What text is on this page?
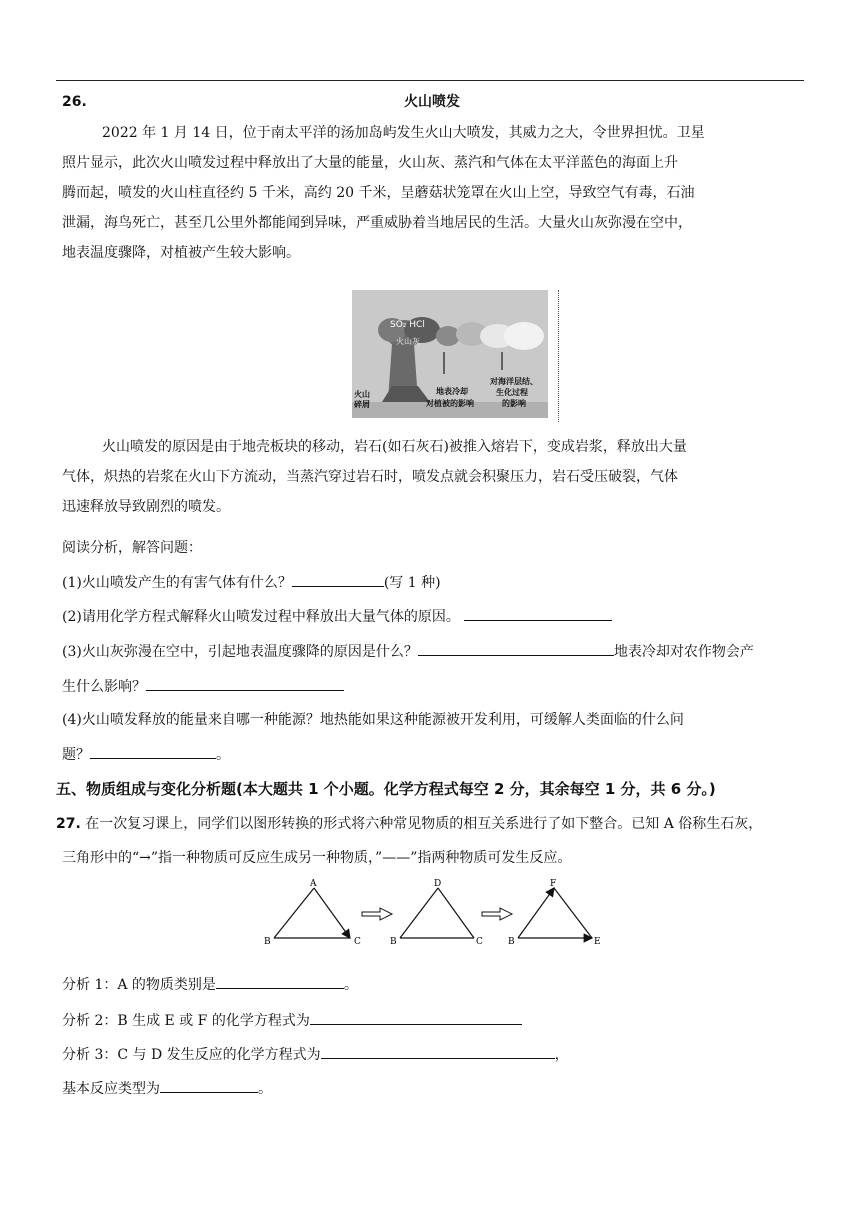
26.	火山喷发
2022 年 1 月 14 日，位于南太平洋的汤加岛屿发生火山大喷发，其威力之大，令世界担忧。卫星
照片显示，此次火山喷发过程中释放出了大量的能量，火山灰、蒸汽和气体在太平洋蓝色的海面上升
腾而起，喷发的火山柱直径约 5 千米，高约 20 千米，呈蘑菇状笼罩在火山上空，导致空气有毒，石油
泄漏，海鸟死亡，甚至几公里外都能闻到异味，严重威胁着当地居民的生活。大量火山灰弥漫在空中，
地表温度骤降，对植被产生较大影响。
SO₂ HCl
火山灰
火山碎屑
地表冷却
对植被的影响
对海洋层结、
生化过程
的影响
火山喷发的原因是由于地壳板块的移动，岩石(如石灰石)被推入熔岩下，变成岩浆，释放出大量
气体，炽热的岩浆在火山下方流动，当蒸汽穿过岩石时，喷发点就会积聚压力，岩石受压破裂，气体
迅速释放导致剧烈的喷发。
阅读分析，解答问题：
(1)火山喷发产生的有害气体有什么？	(写 1 种)
(2)请用化学方程式解释火山喷发过程中释放出大量气体的原因。
(3)火山灰弥漫在空中，引起地表温度骤降的原因是什么？	地表冷却对农作物会产
生什么影响？
(4)火山喷发释放的能量来自哪一种能源？地热能如果这种能源被开发利用，可缓解人类面临的什么问
题？	。
五、物质组成与变化分析题(本大题共 1 个小题。化学方程式每空 2 分，其余每空 1 分，共 6 分。)
27. 在一次复习课上，同学们以图形转换的形式将六种常见物质的相互关系进行了如下整合。已知 A 俗称生石灰，
三角形中的“→”指一种物质可反应生成另一种物质，”——”指两种物质可发生反应。
A
B	C
D
B	C
F
B	E
分析 1：A 的物质类别是	。
分析 2：B 生成 E 或 F 的化学方程式为
分析 3：C 与 D 发生反应的化学方程式为	，
基本反应类型为	。
